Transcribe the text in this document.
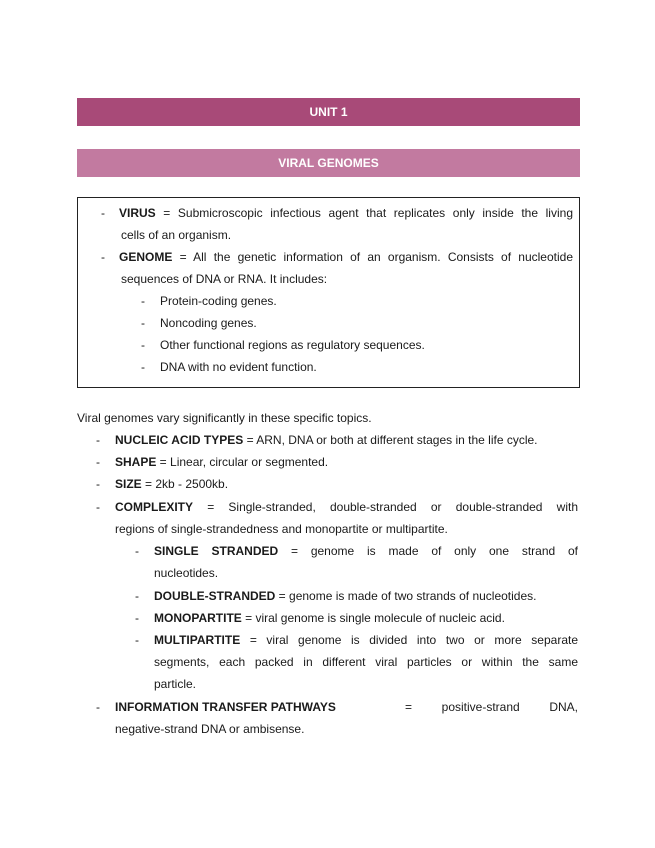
UNIT 1
VIRAL GENOMES
- VIRUS = Submicroscopic infectious agent that replicates only inside the living
cells of an organism.
- GENOME = All the genetic information of an organism. Consists of nucleotide
sequences of DNA or RNA. It includes:
- Protein-coding genes.
- Noncoding genes.
- Other functional regions as regulatory sequences.
- DNA with no evident function.
Viral genomes vary significantly in these specific topics.
- NUCLEIC ACID TYPES = ARN, DNA or both at different stages in the life cycle.
- SHAPE = Linear, circular or segmented.
- SIZE = 2kb - 2500kb.
- COMPLEXITY = Single-stranded, double-stranded or double-stranded with
regions of single-strandedness and monopartite or multipartite.
- SINGLE STRANDED = genome is made of only one strand of
nucleotides.
- DOUBLE-STRANDED = genome is made of two strands of nucleotides.
- MONOPARTITE = viral genome is single molecule of nucleic acid.
- MULTIPARTITE = viral genome is divided into two or more separate
segments, each packed in different viral particles or within the same
particle.
- INFORMATION TRANSFER PATHWAYS	= positive-strand DNA,
negative-strand DNA or ambisense.
